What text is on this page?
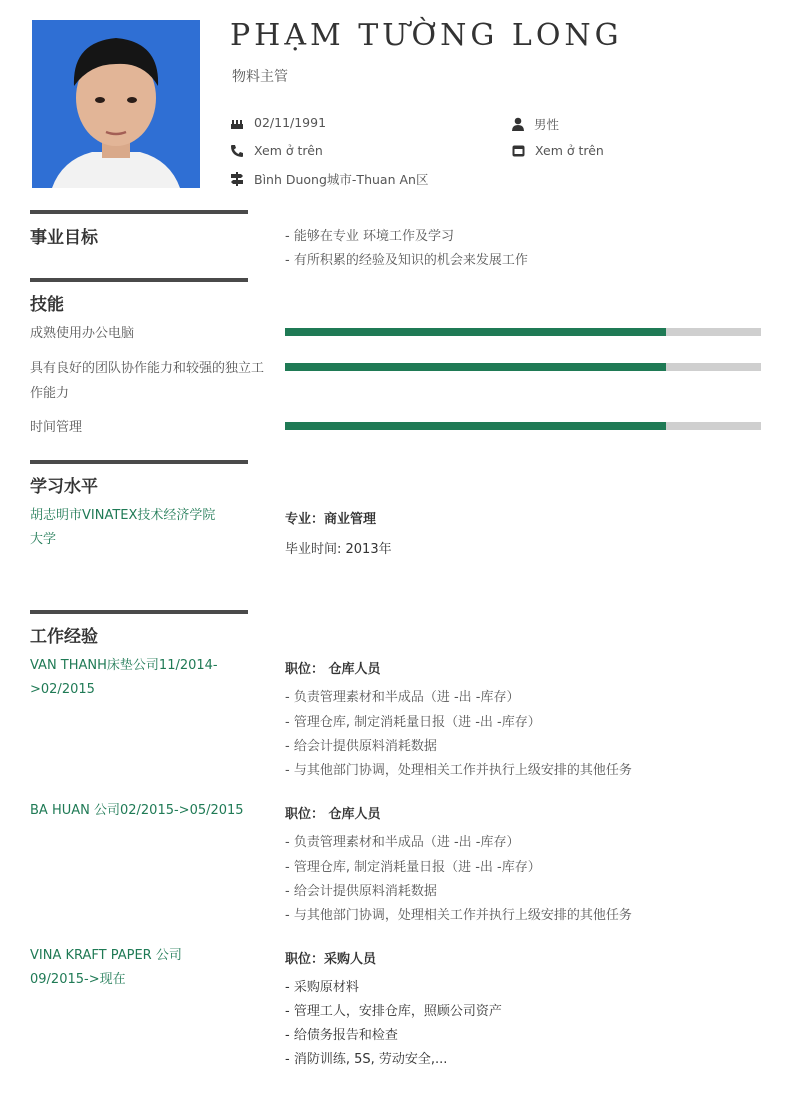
PHẠM TƯỜNG LONG
物料主管
02/11/1991	男性
Xem ở trên	Xem ở trên
Bình Duong城市-Thuan An区
事业目标	- 能够在专业 环境工作及学习
- 有所积累的经验及知识的机会来发展工作
技能
成熟使用办公电脑
具有良好的团队协作能力和较强的独立工
作能力
时间管理
学习水平
胡志明市VINATEX技术经济学院
大学
专业：商业管理
毕业时间: 2013年
工作经验
VAN THANH床垫公司11/2014-
>02/2015
职位： 仓库人员
- 负责管理素材和半成品（进 -出 -库存）
- 管理仓库, 制定消耗量日报（进 -出 -库存）
- 给会计提供原料消耗数据
- 与其他部门协调，处理相关工作并执行上级安排的其他任务
BA HUAN 公司02/2015->05/2015	职位： 仓库人员
- 负责管理素材和半成品（进 -出 -库存）
- 管理仓库, 制定消耗量日报（进 -出 -库存）
- 给会计提供原料消耗数据
- 与其他部门协调，处理相关工作并执行上级安排的其他任务
VINA KRAFT PAPER 公司
09/2015->现在
职位：采购人员
- 采购原材料
- 管理工人，安排仓库，照顾公司资产
- 给债务报告和检查
- 消防训练, 5S, 劳动安全,...
